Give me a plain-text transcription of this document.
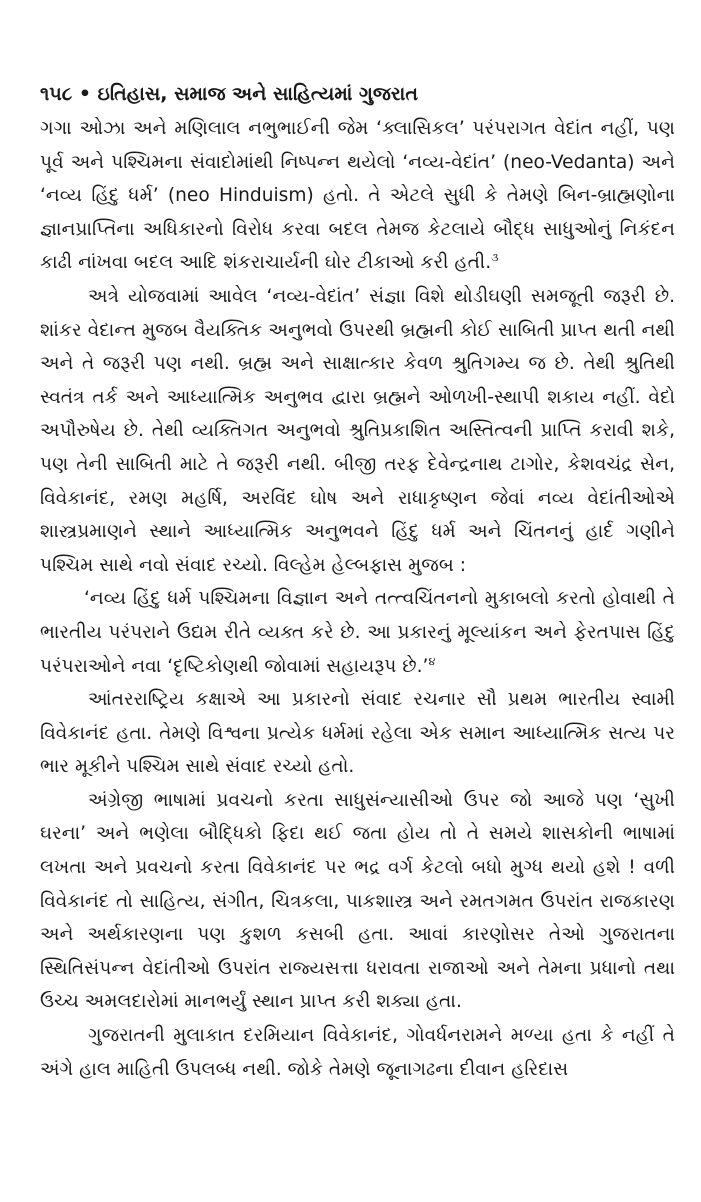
૧૫૮ • ઇતિહાસ, સમાજ અને સાહિત્યમાં ગુજરાત

ગગા ઓઝા અને મણિલાલ નભુભાઈની જેમ ‘ક્લાસિકલ’ પરંપરાગત વેદાંત નહીં, પણ પૂર્વ અને પશ્ચિમના સંવાદોમાંથી નિષ્પન્ન થયેલો ‘નવ્ય-વેદાંત’ (neo-Vedanta) અને ‘નવ્ય હિંદુ ધર્મ’ (neo Hinduism) હતો. તે એટલે સુધી કે તેમણે બિન-બ્રાહ્મણોના જ્ઞાનપ્રાપ્તિના અધિકારનો વિરોધ કરવા બદલ તેમજ કેટલાયે બૌદ્ધ સાધુઓનું નિકંદન કાઢી નાંખવા બદલ આદિ શંકરાચાર્યની ઘોર ટીકાઓ કરી હતી.$^૩$

અત્રે યોજવામાં આવેલ ‘નવ્ય-વેદાંત’ સંજ્ઞા વિશે થોડીઘણી સમજૂતી જરૂરી છે. શાંકર વેદાન્ત મુજબ વૈયક્તિક અનુભવો ઉપરથી બ્રહ્મની કોઈ સાબિતી પ્રાપ્ત થતી નથી અને તે જરૂરી પણ નથી. બ્રહ્મ અને સાક્ષાત્કાર કેવળ શ્રુતિગમ્ય જ છે. તેથી શ્રુતિથી સ્વતંત્ર તર્ક અને આધ્યાત્મિક અનુભવ દ્વારા બ્રહ્મને ઓળખી-સ્થાપી શકાય નહીં. વેદો અપૌરુષેય છે. તેથી વ્યક્તિગત અનુભવો શ્રુતિપ્રકાશિત અસ્તિત્વની પ્રાપ્તિ કરાવી શકે, પણ તેની સાબિતી માટે તે જરૂરી નથી. બીજી તરફ દેવેન્દ્રનાથ ટાગોર, કેશવચંદ્ર સેન, વિવેકાનંદ, રમણ મહર્ષિ, અરવિંદ ઘોષ અને રાધાકૃષ્ણન જેવાં નવ્ય વેદાંતીઓએ શાસ્ત્રપ્રમાણને સ્થાને આધ્યાત્મિક અનુભવને હિંદુ ધર્મ અને ચિંતનનું હાર્દ ગણીને પશ્ચિમ સાથે નવો સંવાદ રચ્યો. વિલ્હેમ હેલ્બફાસ મુજબ :

‘નવ્ય હિંદુ ધર્મ પશ્ચિમના વિજ્ઞાન અને તત્ત્વચિંતનનો મુકાબલો કરતો હોવાથી તે ભારતીય પરંપરાને ઉદ્યમ રીતે વ્યક્ત કરે છે. આ પ્રકારનું મૂલ્યાંકન અને ફેરતપાસ હિંદુ પરંપરાઓને નવા ‘દૃષ્ટિકોણથી જોવામાં સહાયરૂપ છે.’$^૪$

આંતરરાષ્ટ્રિય કક્ષાએ આ પ્રકારનો સંવાદ રચનાર સૌ પ્રથમ ભારતીય સ્વામી વિવેકાનંદ હતા. તેમણે વિશ્વના પ્રત્યેક ધર્મમાં રહેલા એક સમાન આધ્યાત્મિક સત્ય પર ભાર મૂકીને પશ્ચિમ સાથે સંવાદ રચ્યો હતો.

અંગ્રેજી ભાષામાં પ્રવચનો કરતા સાધુસંન્યાસીઓ ઉપર જો આજે પણ ‘સુખી ઘરના’ અને ભણેલા બૌદ્ધિકો ફિદા થઈ જતા હોય તો તે સમયે શાસકોની ભાષામાં લખતા અને પ્રવચનો કરતા વિવેકાનંદ પર ભદ્ર વર્ગ કેટલો બધો મુગ્ધ થયો હશે ! વળી વિવેકાનંદ તો સાહિત્ય, સંગીત, ચિત્રકલા, પાકશાસ્ત્ર અને રમતગમત ઉપરાંત રાજકારણ અને અર્થકારણના પણ કુશળ કસબી હતા. આવાં કારણોસર તેઓ ગુજરાતના સ્થિતિસંપન્ન વેદાંતીઓ ઉપરાંત રાજ્યસત્તા ધરાવતા રાજાઓ અને તેમના પ્રધાનો તથા ઉચ્ચ અમલદારોમાં માનભર્યું સ્થાન પ્રાપ્ત કરી શક્યા હતા.

ગુજરાતની મુલાકાત દરમિયાન વિવેકાનંદ, ગોવર્ધનરામને મળ્યા હતા કે નહીં તે અંગે હાલ માહિતી ઉપલબ્ધ નથી. જોકે તેમણે જૂનાગઢના દીવાન હરિદાસ
